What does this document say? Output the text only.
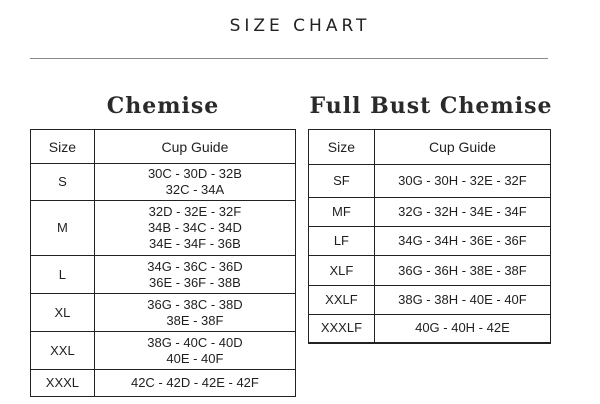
SIZE CHART
Chemise	Full Bust Chemise
Size	Cup Guide
S	30C - 30D - 32B
32C - 34A

M	32D - 32E - 32F
34B - 34C - 34D
34E - 34F - 36B

L	34G - 36C - 36D
36E - 36F - 38B

XL	36G - 38C - 38D
38E - 38F

XXL	38G - 40C - 40D
40E - 40F

XXXL	42C - 42D - 42E - 42F
Size	Cup Guide
SF	30G - 30H - 32E - 32F

MF	32G - 32H - 34E - 34F

LF	34G - 34H - 36E - 36F

XLF	36G - 36H - 38E - 38F

XXLF	38G - 38H - 40E - 40F

XXXLF	40G - 40H - 42E
